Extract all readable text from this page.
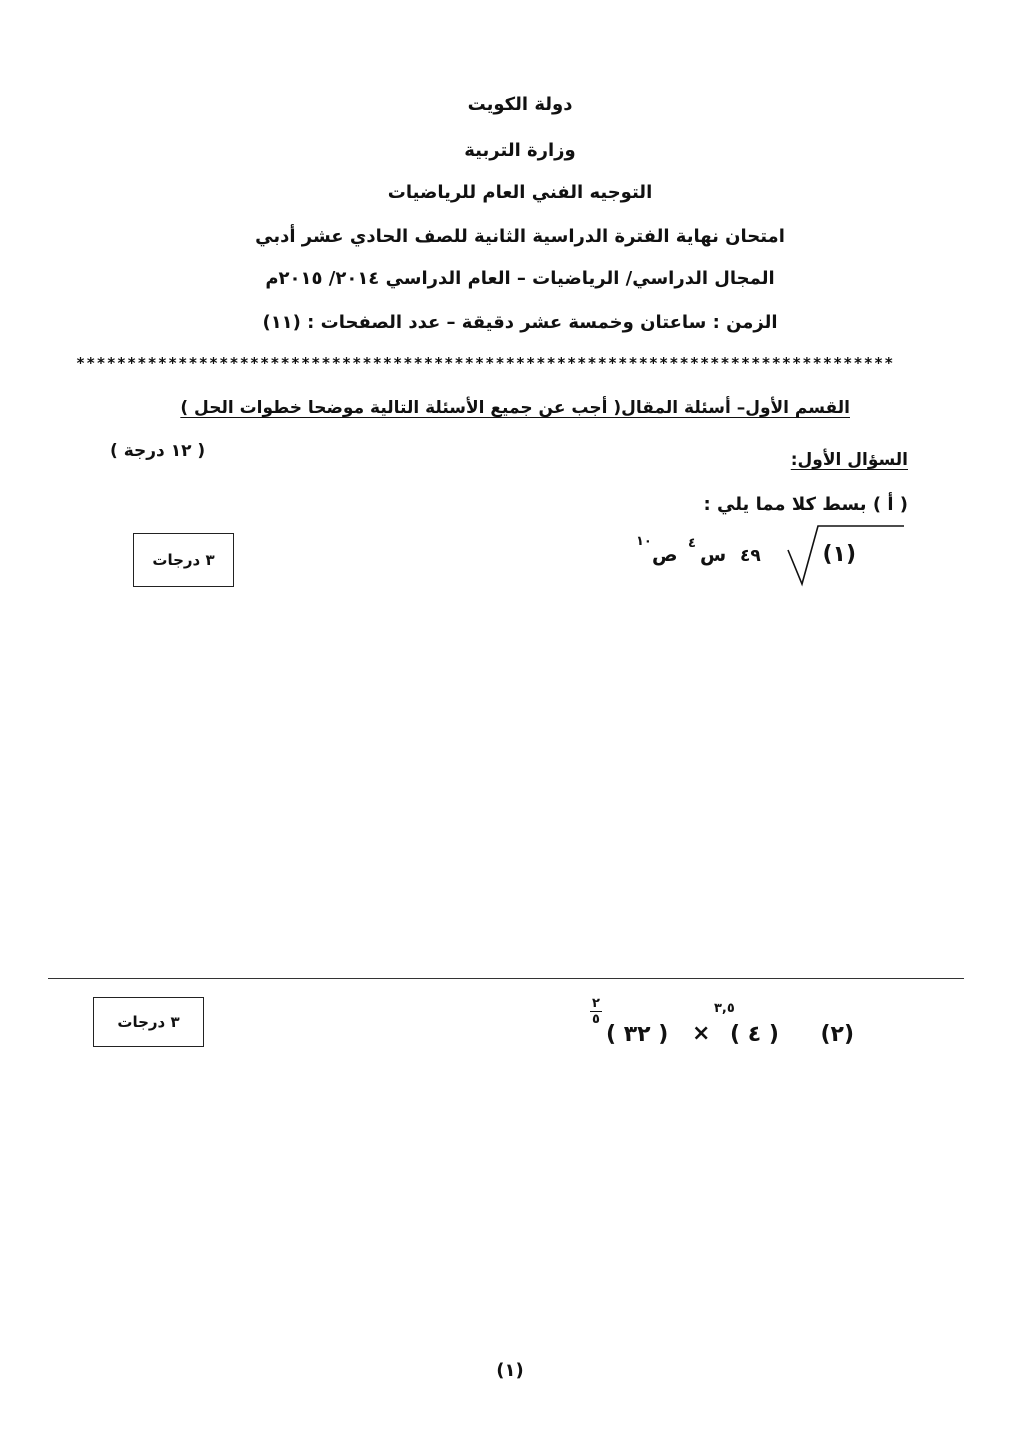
دولة الكويت
وزارة التربية
التوجيه الفني العام للرياضيات
امتحان نهاية الفترة الدراسية الثانية للصف الحادي عشر أدبي
المجال الدراسي/ الرياضيات – العام الدراسي ٢٠١٤/ ٢٠١٥م
الزمن : ساعتان وخمسة عشر دقيقة – عدد الصفحات : (١١)
********************************************************************************
القسم الأول– أسئلة المقال( أجب عن جميع الأسئلة التالية موضحا خطوات الحل )
السؤال الأول:
( ١٢ درجة )
( أ ) بسط كلا مما يلي :
(١)
٤٩
س
٤
ص
١٠
٣ درجات
٣ درجات	(٢)
( ٤ )
٣,٥
×
( ٣٢ )
٢
٥
(١)
